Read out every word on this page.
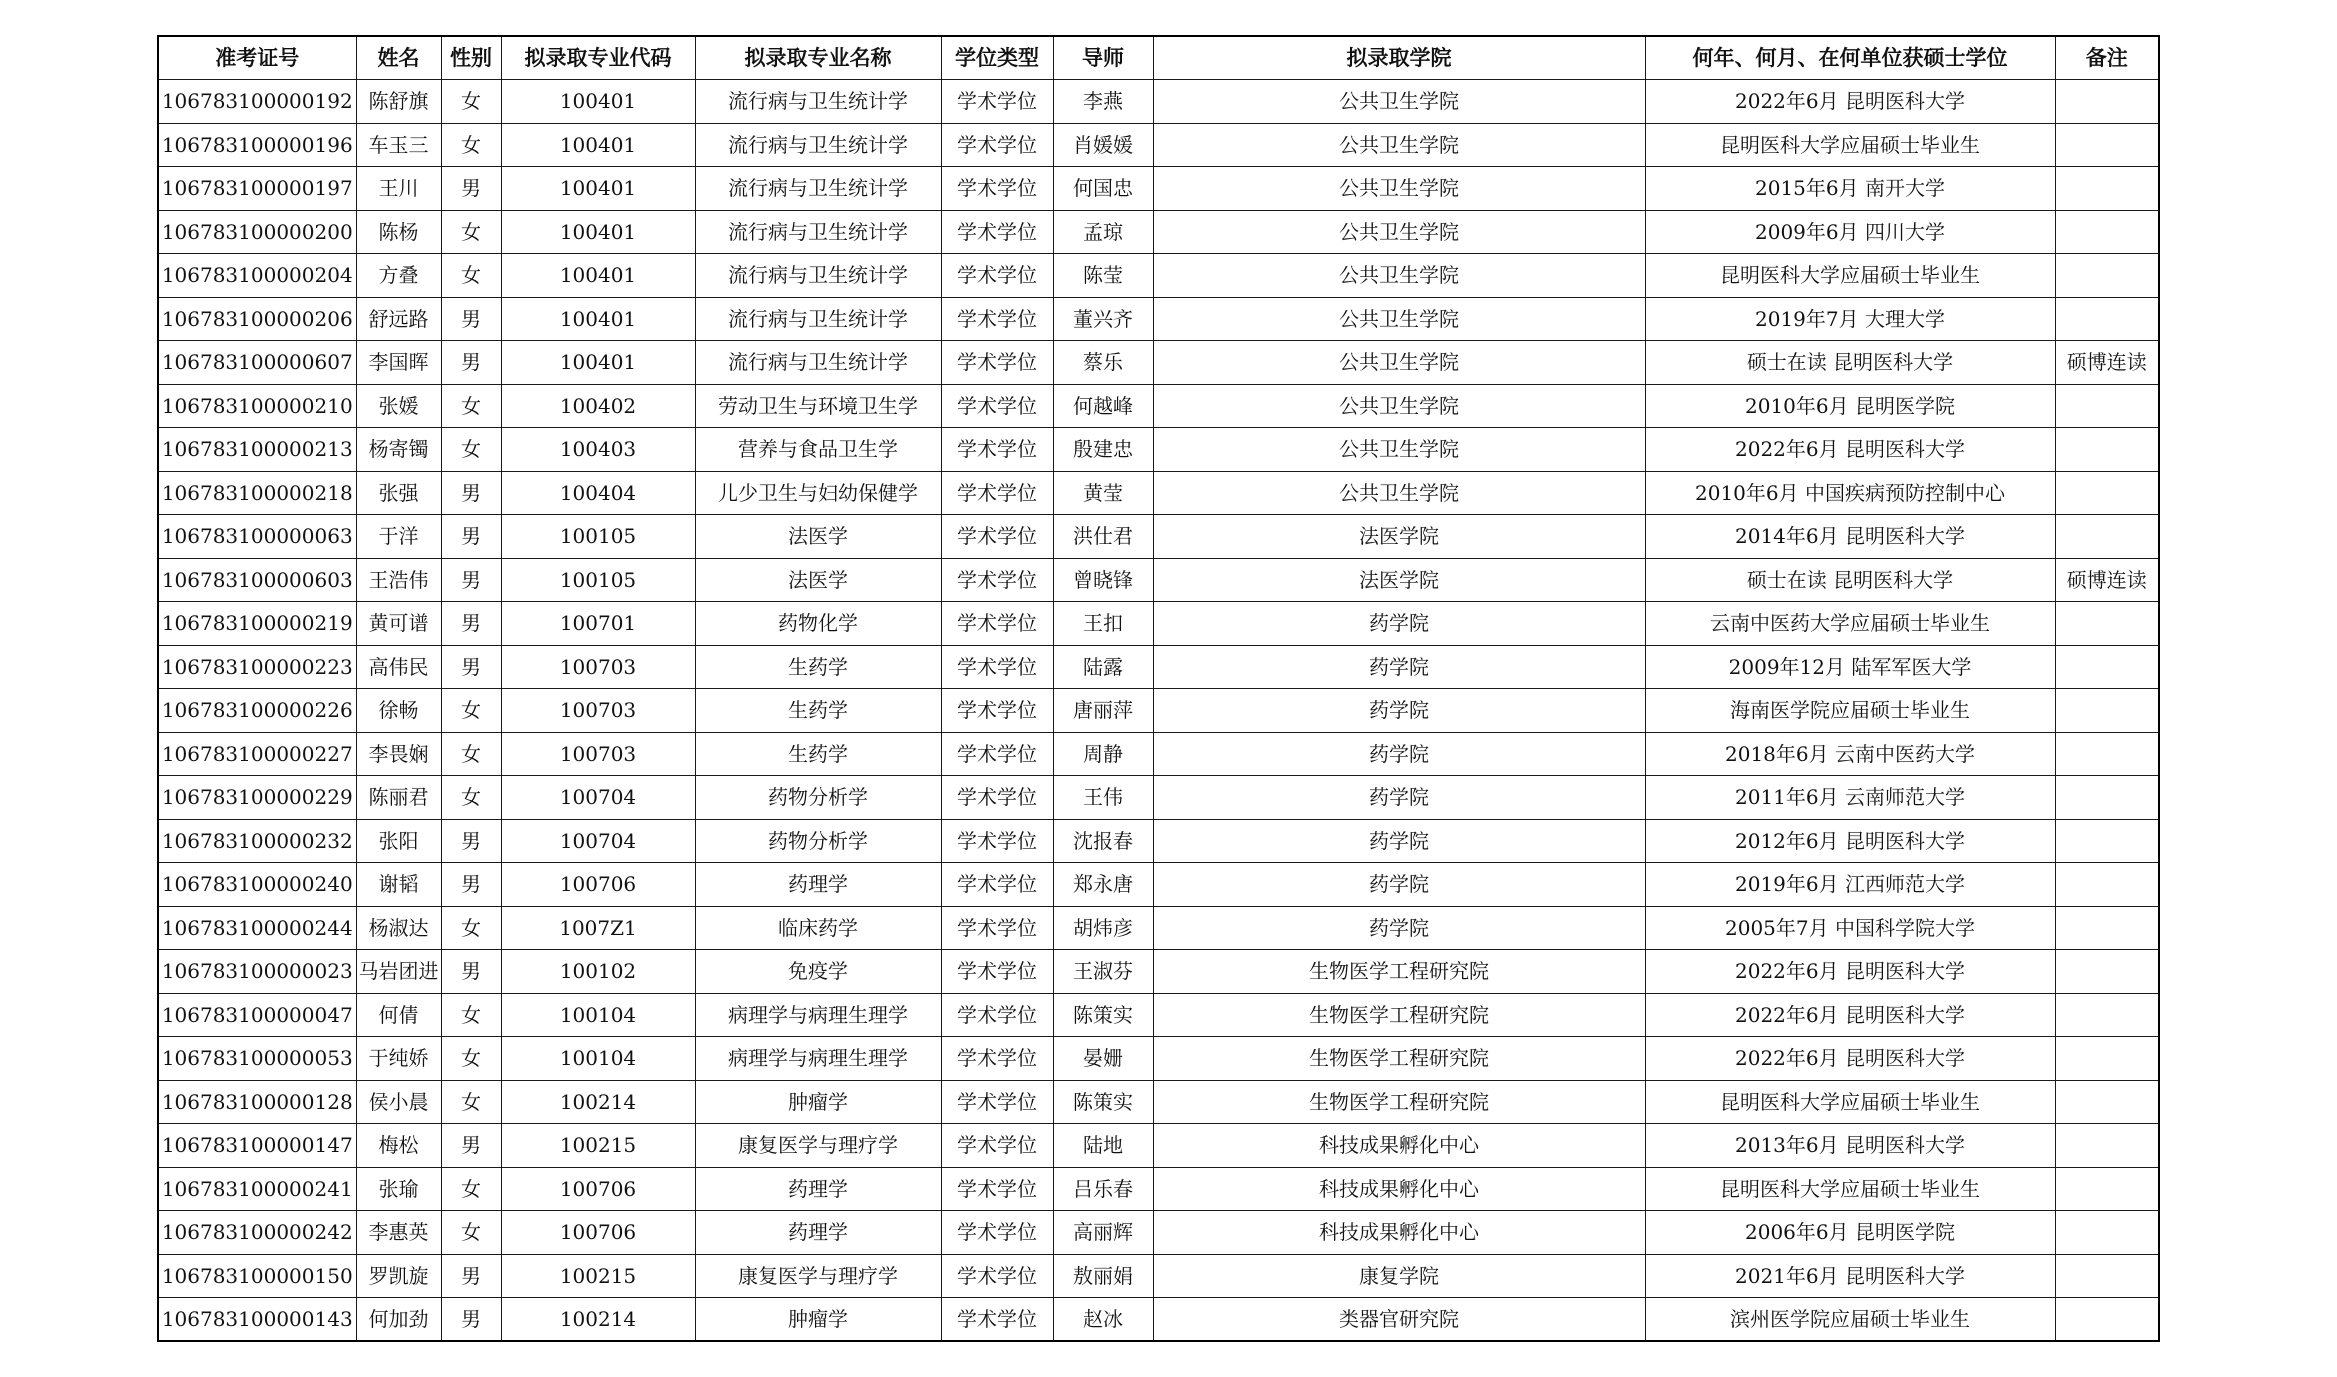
准考证号	姓名	性别	拟录取专业代码	拟录取专业名称	学位类型	导师	拟录取学院	何年、何月、在何单位获硕士学位	备注
106783100000192	陈舒旗	女	100401	流行病与卫生统计学	学术学位	李燕	公共卫生学院	2022年6月 昆明医科大学	
106783100000196	车玉三	女	100401	流行病与卫生统计学	学术学位	肖媛媛	公共卫生学院	昆明医科大学应届硕士毕业生	
106783100000197	王川	男	100401	流行病与卫生统计学	学术学位	何国忠	公共卫生学院	2015年6月 南开大学	
106783100000200	陈杨	女	100401	流行病与卫生统计学	学术学位	孟琼	公共卫生学院	2009年6月 四川大学	
106783100000204	方叠	女	100401	流行病与卫生统计学	学术学位	陈莹	公共卫生学院	昆明医科大学应届硕士毕业生	
106783100000206	舒远路	男	100401	流行病与卫生统计学	学术学位	董兴齐	公共卫生学院	2019年7月 大理大学	
106783100000607	李国晖	男	100401	流行病与卫生统计学	学术学位	蔡乐	公共卫生学院	硕士在读 昆明医科大学	硕博连读
106783100000210	张媛	女	100402	劳动卫生与环境卫生学	学术学位	何越峰	公共卫生学院	2010年6月 昆明医学院	
106783100000213	杨寄镯	女	100403	营养与食品卫生学	学术学位	殷建忠	公共卫生学院	2022年6月 昆明医科大学	
106783100000218	张强	男	100404	儿少卫生与妇幼保健学	学术学位	黄莹	公共卫生学院	2010年6月 中国疾病预防控制中心	
106783100000063	于洋	男	100105	法医学	学术学位	洪仕君	法医学院	2014年6月 昆明医科大学	
106783100000603	王浩伟	男	100105	法医学	学术学位	曾晓锋	法医学院	硕士在读 昆明医科大学	硕博连读
106783100000219	黄可谱	男	100701	药物化学	学术学位	王扣	药学院	云南中医药大学应届硕士毕业生	
106783100000223	高伟民	男	100703	生药学	学术学位	陆露	药学院	2009年12月 陆军军医大学	
106783100000226	徐畅	女	100703	生药学	学术学位	唐丽萍	药学院	海南医学院应届硕士毕业生	
106783100000227	李畏娴	女	100703	生药学	学术学位	周静	药学院	2018年6月 云南中医药大学	
106783100000229	陈丽君	女	100704	药物分析学	学术学位	王伟	药学院	2011年6月 云南师范大学	
106783100000232	张阳	男	100704	药物分析学	学术学位	沈报春	药学院	2012年6月 昆明医科大学	
106783100000240	谢韬	男	100706	药理学	学术学位	郑永唐	药学院	2019年6月 江西师范大学	
106783100000244	杨淑达	女	1007Z1	临床药学	学术学位	胡炜彦	药学院	2005年7月 中国科学院大学	
106783100000023	马岩团进	男	100102	免疫学	学术学位	王淑芬	生物医学工程研究院	2022年6月 昆明医科大学	
106783100000047	何倩	女	100104	病理学与病理生理学	学术学位	陈策实	生物医学工程研究院	2022年6月 昆明医科大学	
106783100000053	于纯娇	女	100104	病理学与病理生理学	学术学位	晏姗	生物医学工程研究院	2022年6月 昆明医科大学	
106783100000128	侯小晨	女	100214	肿瘤学	学术学位	陈策实	生物医学工程研究院	昆明医科大学应届硕士毕业生	
106783100000147	梅松	男	100215	康复医学与理疗学	学术学位	陆地	科技成果孵化中心	2013年6月 昆明医科大学	
106783100000241	张瑜	女	100706	药理学	学术学位	吕乐春	科技成果孵化中心	昆明医科大学应届硕士毕业生	
106783100000242	李惠英	女	100706	药理学	学术学位	高丽辉	科技成果孵化中心	2006年6月 昆明医学院	
106783100000150	罗凯旋	男	100215	康复医学与理疗学	学术学位	敖丽娟	康复学院	2021年6月 昆明医科大学	
106783100000143	何加劲	男	100214	肿瘤学	学术学位	赵冰	类器官研究院	滨州医学院应届硕士毕业生	
